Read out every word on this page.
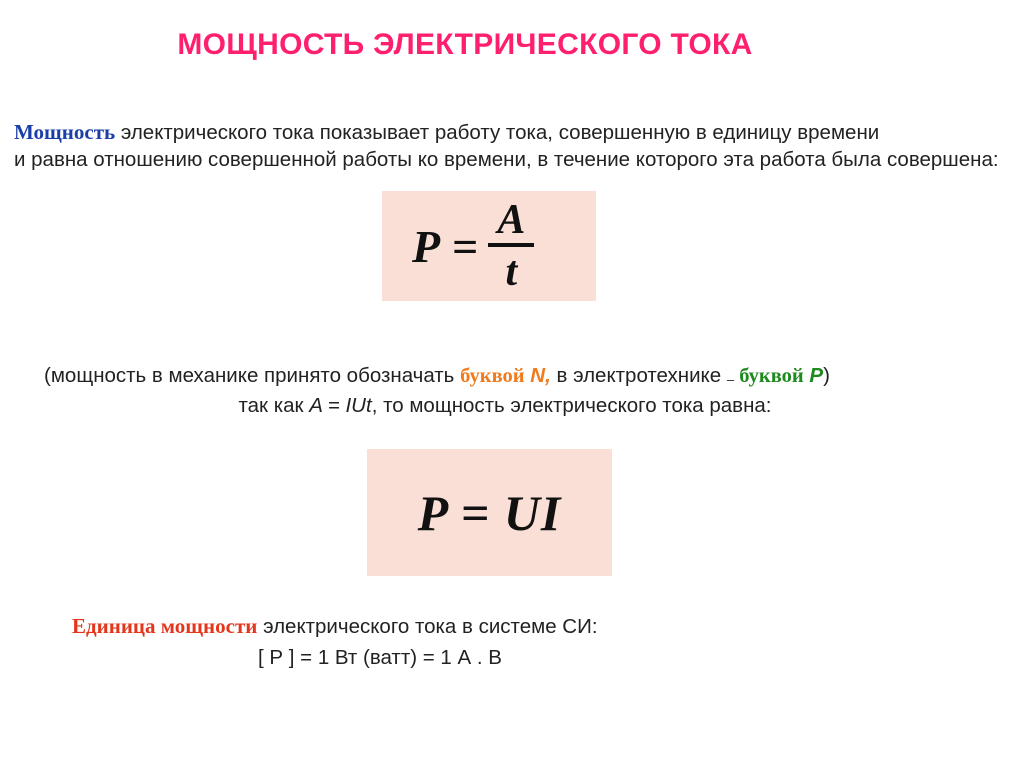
МОЩНОСТЬ ЭЛЕКТРИЧЕСКОГО ТОКА
Мощность электрического тока показывает работу тока, совершенную в единицу времени
и равна отношению совершенной работы ко времени, в течение которого эта работа была совершена:
$P = \frac{A}{t}$
(мощность в механике принято обозначать буквой N, в электротехнике – буквой Р)
так как A = IUt, то мощность электрического тока равна:
P = UI
Единица мощности электрического тока в системе СИ:
[ Р ] = 1 Вт (ватт) = 1 А . В
